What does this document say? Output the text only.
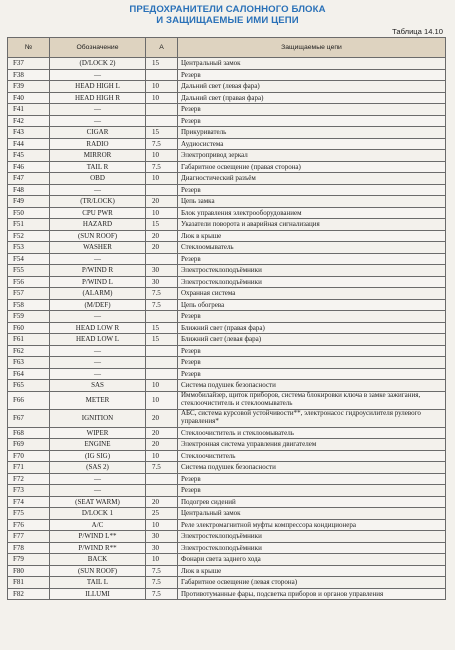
ПРЕДОХРАНИТЕЛИ САЛОННОГО БЛОКА
И ЗАЩИЩАЕМЫЕ ИМИ ЦЕПИ
Таблица 14.10
№	Обозначение	А	Защищаемые цепи
F37	(D/LOCK 2)	15	Центральный замок
F38	—		Резерв
F39	HEAD HIGH L	10	Дальний свет (левая фара)
F40	HEAD HIGH R	10	Дальний свет (правая фара)
F41	—		Резерв
F42	—		Резерв
F43	CIGAR	15	Прикуриватель
F44	RADIO	7.5	Аудиосистема
F45	MIRROR	10	Электропривод зеркал
F46	TAIL R	7.5	Габаритное освещение (правая сторона)
F47	OBD	10	Диагностический разъём
F48	—		Резерв
F49	(TR/LOCK)	20	Цепь замка
F50	CPU PWR	10	Блок управления электрооборудованием
F51	HAZARD	15	Указатели поворота и аварийная сигнализация
F52	(SUN ROOF)	20	Люк в крыше
F53	WASHER	20	Стеклоомыватель
F54	—		Резерв
F55	P/WIND R	30	Электростеклоподъёмники
F56	P/WIND L	30	Электростеклоподъёмники
F57	(ALARM)	7.5	Охранная система
F58	(M/DEF)	7.5	Цепь обогрева
F59	—		Резерв
F60	HEAD LOW R	15	Ближний свет (правая фара)
F61	HEAD LOW L	15	Ближний свет (левая фара)
F62	—		Резерв
F63	—		Резерв
F64	—		Резерв
F65	SAS	10	Система подушек безопасности
F66	METER	10	Иммобилайзер, щиток приборов, система блокировки ключа в замке зажигания, стеклоочиститель и стеклоомыватель
F67	IGNITION	20	АБС, система курсовой устойчивости**, электронасос гидроусилителя рулевого управления*
F68	WIPER	20	Стеклоочиститель и стеклоомыватель
F69	ENGINE	20	Электронная система управления двигателем
F70	(IG SIG)	10	Стеклоочиститель
F71	(SAS 2)	7.5	Система подушек безопасности
F72	—		Резерв
F73	—		Резерв
F74	(SEAT WARM)	20	Подогрев сидений
F75	D/LOCK 1	25	Центральный замок
F76	A/C	10	Реле электромагнитной муфты компрессора кондиционера
F77	P/WIND L**	30	Электростеклоподъёмники
F78	P/WIND R**	30	Электростеклоподъёмники
F79	BACK	10	Фонари света заднего хода
F80	(SUN ROOF)	7.5	Люк в крыше
F81	TAIL L	7.5	Габаритное освещение (левая сторона)
F82	ILLUMI	7.5	Противотуманные фары, подсветка приборов и органов управления
